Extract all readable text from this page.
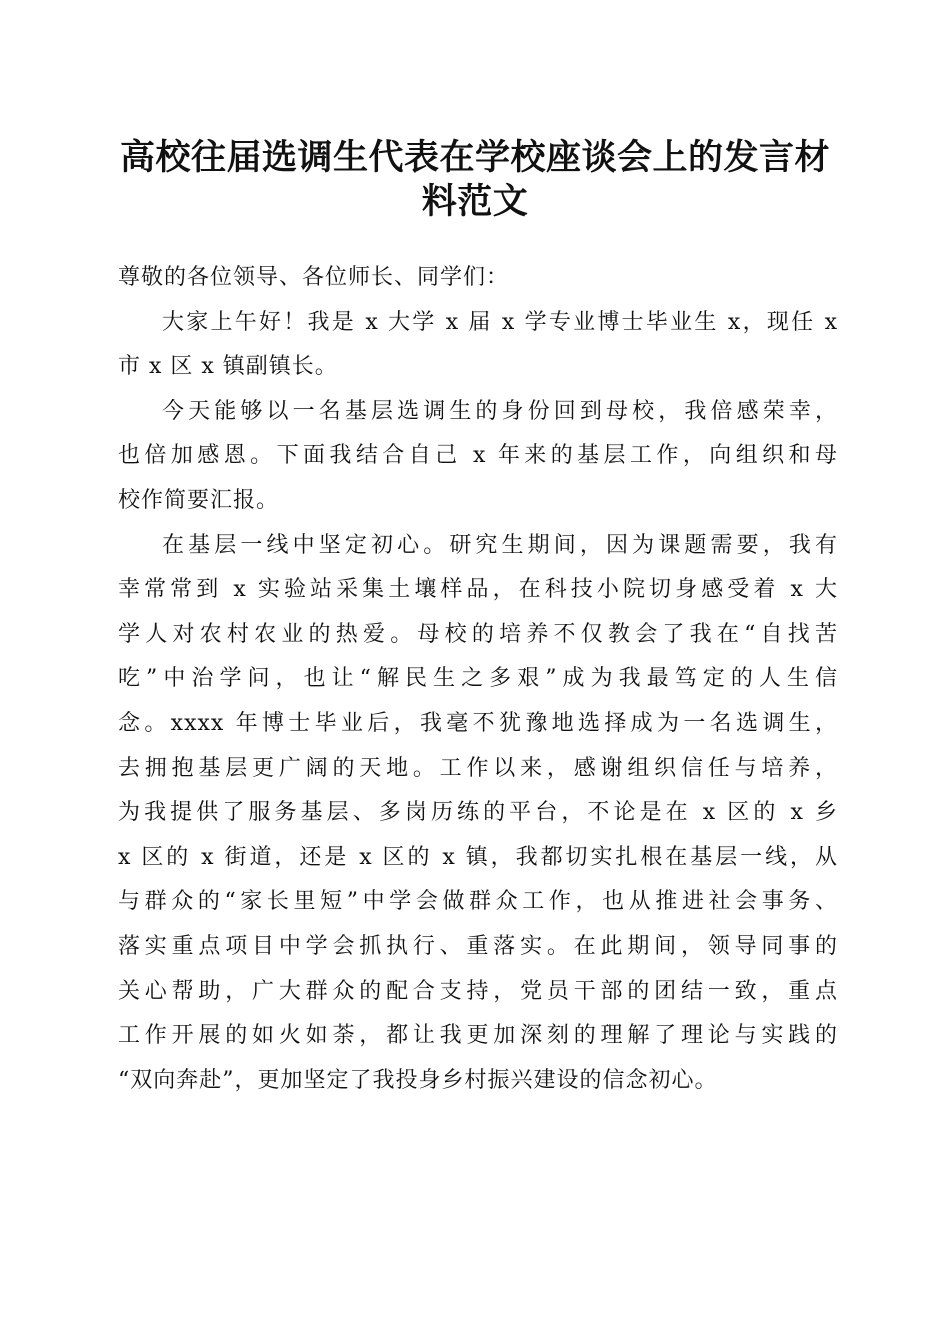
高校往届选调生代表在学校座谈会上的发言材
料范文
尊敬的各位领导、各位师长、同学们：
大家上午好！我是 x 大学 x 届 x 学专业博士毕业生 x，现任 x
市 x 区 x 镇副镇长。
今天能够以一名基层选调生的身份回到母校，我倍感荣幸，
也倍加感恩。下面我结合自己 x 年来的基层工作，向组织和母
校作简要汇报。
在基层一线中坚定初心。研究生期间，因为课题需要，我有
幸常常到 x 实验站采集土壤样品，在科技小院切身感受着 x 大
学人对农村农业的热爱。母校的培养不仅教会了我在“自找苦
吃”中治学问，也让“解民生之多艰”成为我最笃定的人生信
念。xxxx 年博士毕业后，我毫不犹豫地选择成为一名选调生，
去拥抱基层更广阔的天地。工作以来，感谢组织信任与培养，
为我提供了服务基层、多岗历练的平台，不论是在 x 区的 x 乡
x 区的 x 街道，还是 x 区的 x 镇，我都切实扎根在基层一线，从
与群众的“家长里短”中学会做群众工作，也从推进社会事务、
落实重点项目中学会抓执行、重落实。在此期间，领导同事的
关心帮助，广大群众的配合支持，党员干部的团结一致，重点
工作开展的如火如荼，都让我更加深刻的理解了理论与实践的
“双向奔赴”，更加坚定了我投身乡村振兴建设的信念初心。
